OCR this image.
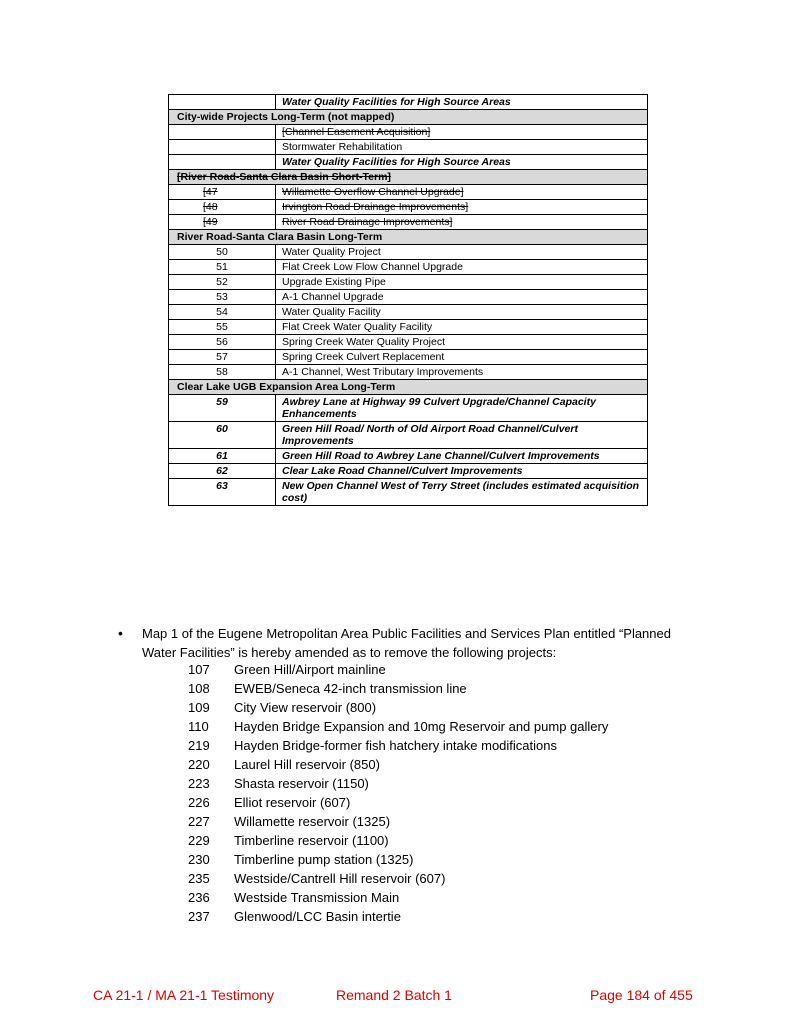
	Water Quality Facilities for High Source Areas
City-wide Projects Long-Term (not mapped)	
	[Channel Easement Acquisition]
	Stormwater Rehabilitation
	Water Quality Facilities for High Source Areas
[River Road-Santa Clara Basin Short-Term]	
[47	Willamette Overflow Channel Upgrade]
[48	Irvington Road Drainage Improvements]
[49	River Road Drainage Improvements]
River Road-Santa Clara Basin Long-Term	
50	Water Quality Project
51	Flat Creek Low Flow Channel Upgrade
52	Upgrade Existing Pipe
53	A-1 Channel Upgrade
54	Water Quality Facility
55	Flat Creek Water Quality Facility
56	Spring Creek Water Quality Project
57	Spring Creek Culvert Replacement
58	A-1 Channel, West Tributary Improvements
Clear Lake UGB Expansion Area Long-Term	
59	Awbrey Lane at Highway 99 Culvert Upgrade/Channel Capacity Enhancements
60	Green Hill Road/ North of Old Airport Road Channel/Culvert Improvements
61	Green Hill Road to Awbrey Lane Channel/Culvert Improvements
62	Clear Lake Road Channel/Culvert Improvements
63	New Open Channel West of Terry Street (includes estimated acquisition cost)
• Map 1 of the Eugene Metropolitan Area Public Facilities and Services Plan entitled “Planned Water Facilities” is hereby amended as to remove the following projects:
107 Green Hill/Airport mainline
108 EWEB/Seneca 42-inch transmission line
109 City View reservoir (800)
110 Hayden Bridge Expansion and 10mg Reservoir and pump gallery
219 Hayden Bridge-former fish hatchery intake modifications
220 Laurel Hill reservoir (850)
223 Shasta reservoir (1150)
226 Elliot reservoir (607)
227 Willamette reservoir (1325)
229 Timberline reservoir (1100)
230 Timberline pump station (1325)
235 Westside/Cantrell Hill reservoir (607)
236 Westside Transmission Main
237 Glenwood/LCC Basin intertie
CA 21-1 / MA 21-1 Testimony	Remand 2 Batch 1	Page 184 of 455
